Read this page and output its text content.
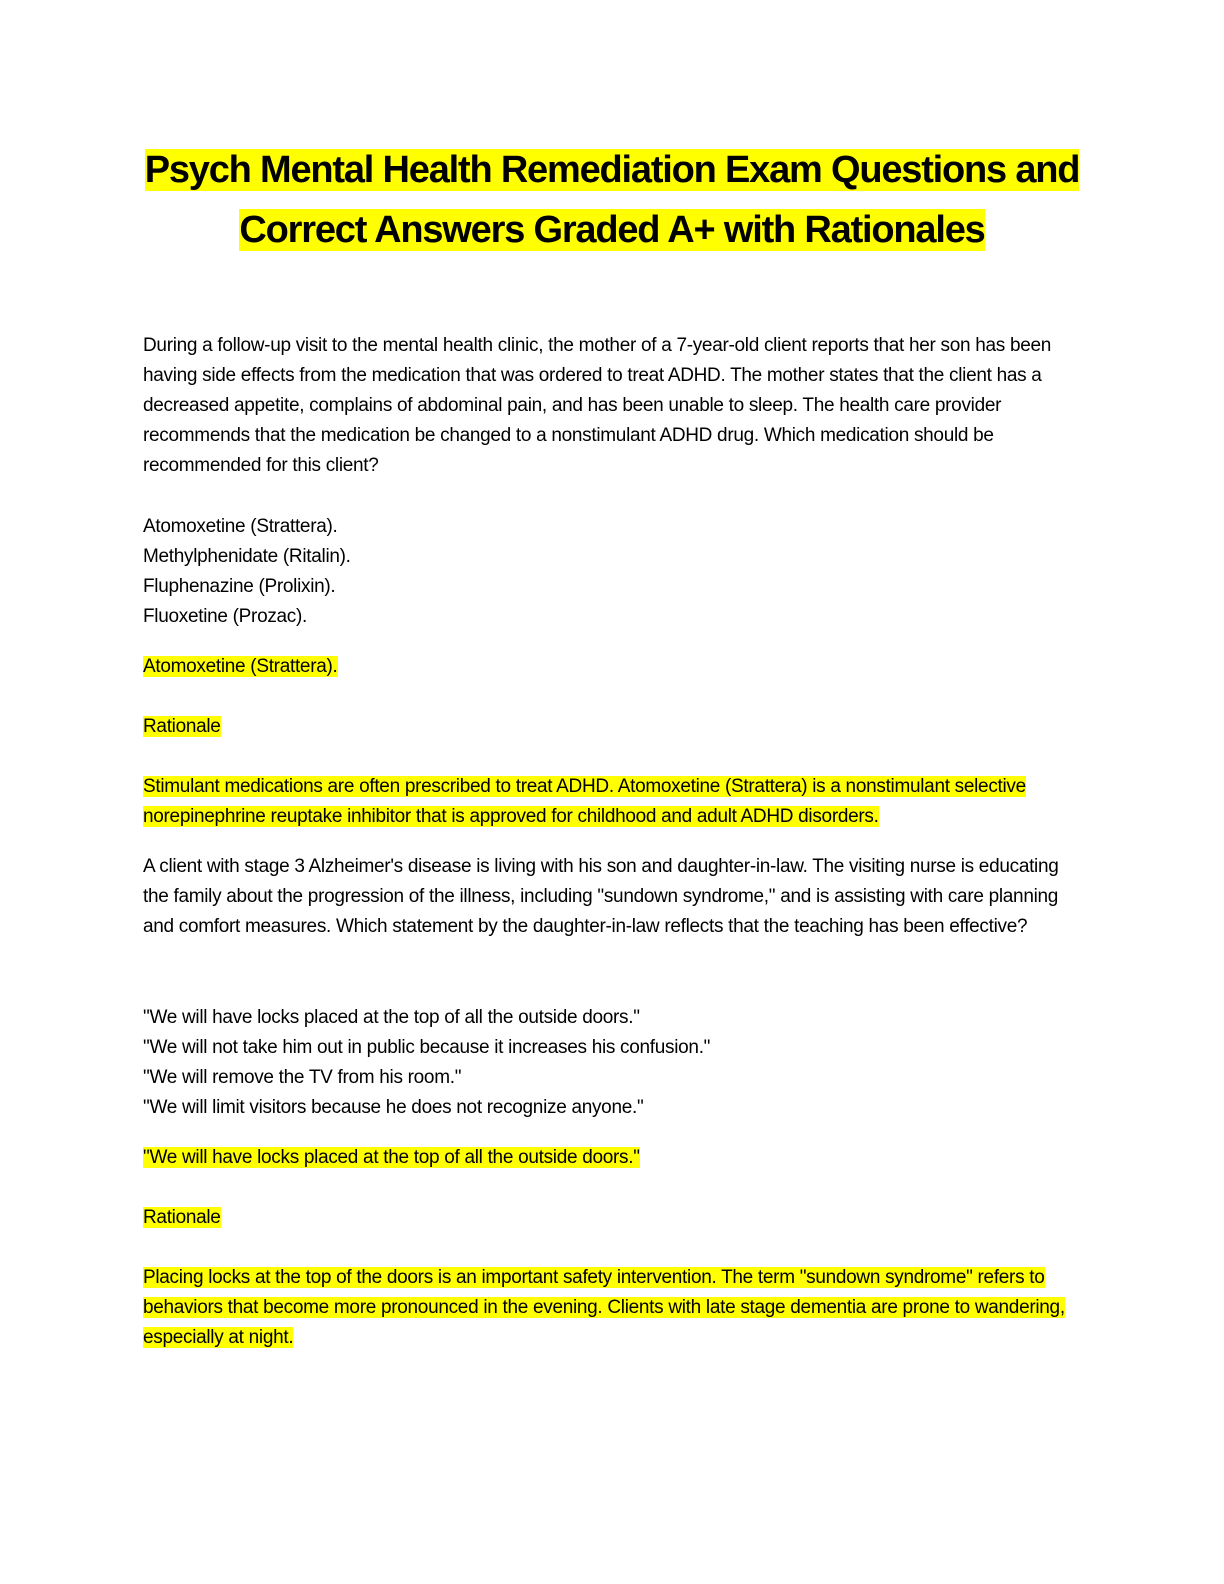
Psych Mental Health Remediation Exam Questions and Correct Answers Graded A+ with Rationales

During a follow-up visit to the mental health clinic, the mother of a 7-year-old client reports that her son has been having side effects from the medication that was ordered to treat ADHD. The mother states that the client has a decreased appetite, complains of abdominal pain, and has been unable to sleep. The health care provider recommends that the medication be changed to a nonstimulant ADHD drug. Which medication should be recommended for this client?

Atomoxetine (Strattera).
Methylphenidate (Ritalin).
Fluphenazine (Prolixin).
Fluoxetine (Prozac).

Atomoxetine (Strattera).

Rationale

Stimulant medications are often prescribed to treat ADHD. Atomoxetine (Strattera) is a nonstimulant selective norepinephrine reuptake inhibitor that is approved for childhood and adult ADHD disorders.

A client with stage 3 Alzheimer's disease is living with his son and daughter-in-law. The visiting nurse is educating the family about the progression of the illness, including "sundown syndrome," and is assisting with care planning and comfort measures. Which statement by the daughter-in-law reflects that the teaching has been effective?

"We will have locks placed at the top of all the outside doors."
"We will not take him out in public because it increases his confusion."
"We will remove the TV from his room."
"We will limit visitors because he does not recognize anyone."

"We will have locks placed at the top of all the outside doors."

Rationale

Placing locks at the top of the doors is an important safety intervention. The term "sundown syndrome" refers to behaviors that become more pronounced in the evening. Clients with late stage dementia are prone to wandering, especially at night.
